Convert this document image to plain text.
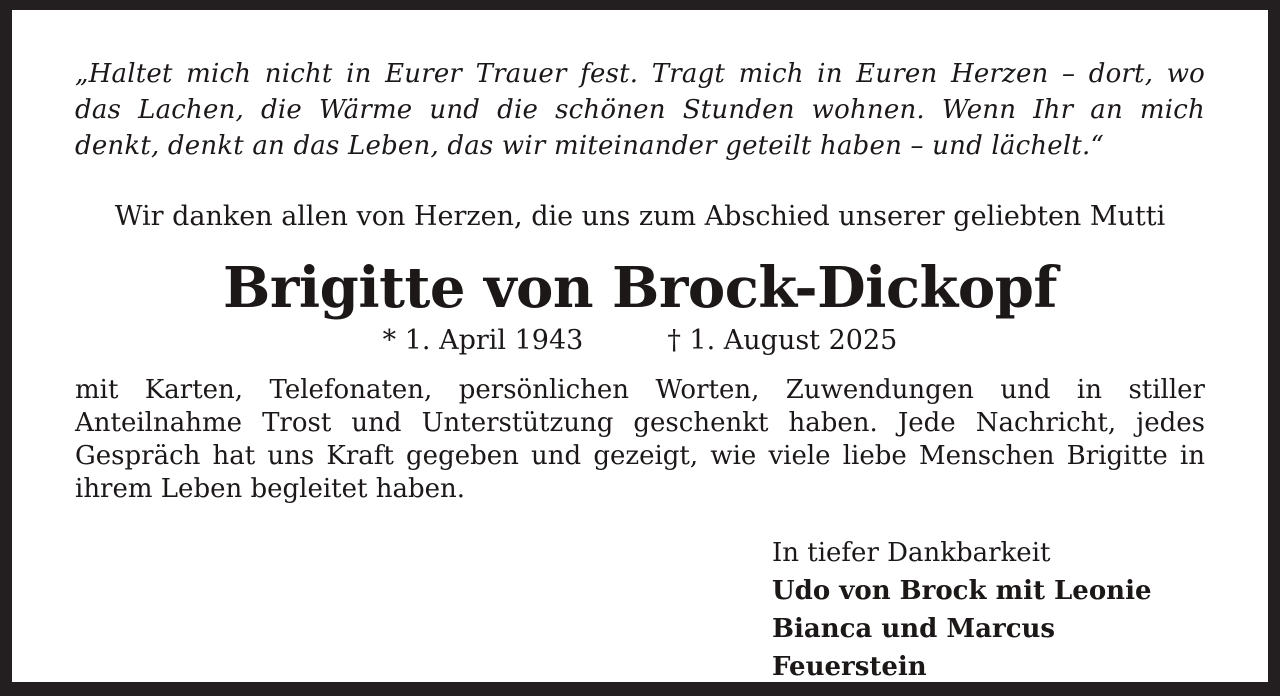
„Haltet mich nicht in Eurer Trauer fest. Tragt mich in Euren Herzen – dort, wo
das Lachen, die Wärme und die schönen Stunden wohnen. Wenn Ihr an mich
denkt, denkt an das Leben, das wir miteinander geteilt haben – und lächelt.“
Wir danken allen von Herzen, die uns zum Abschied unserer geliebten Mutti
Brigitte von Brock-Dickopf
* 1. April 1943	† 1. August 2025
mit Karten, Telefonaten, persönlichen Worten, Zuwendungen und in stiller
Anteilnahme Trost und Unterstützung geschenkt haben. Jede Nachricht, jedes
Gespräch hat uns Kraft gegeben und gezeigt, wie viele liebe Menschen Brigitte in
ihrem Leben begleitet haben.
In tiefer Dankbarkeit
Udo von Brock mit Leonie
Bianca und Marcus Feuerstein
